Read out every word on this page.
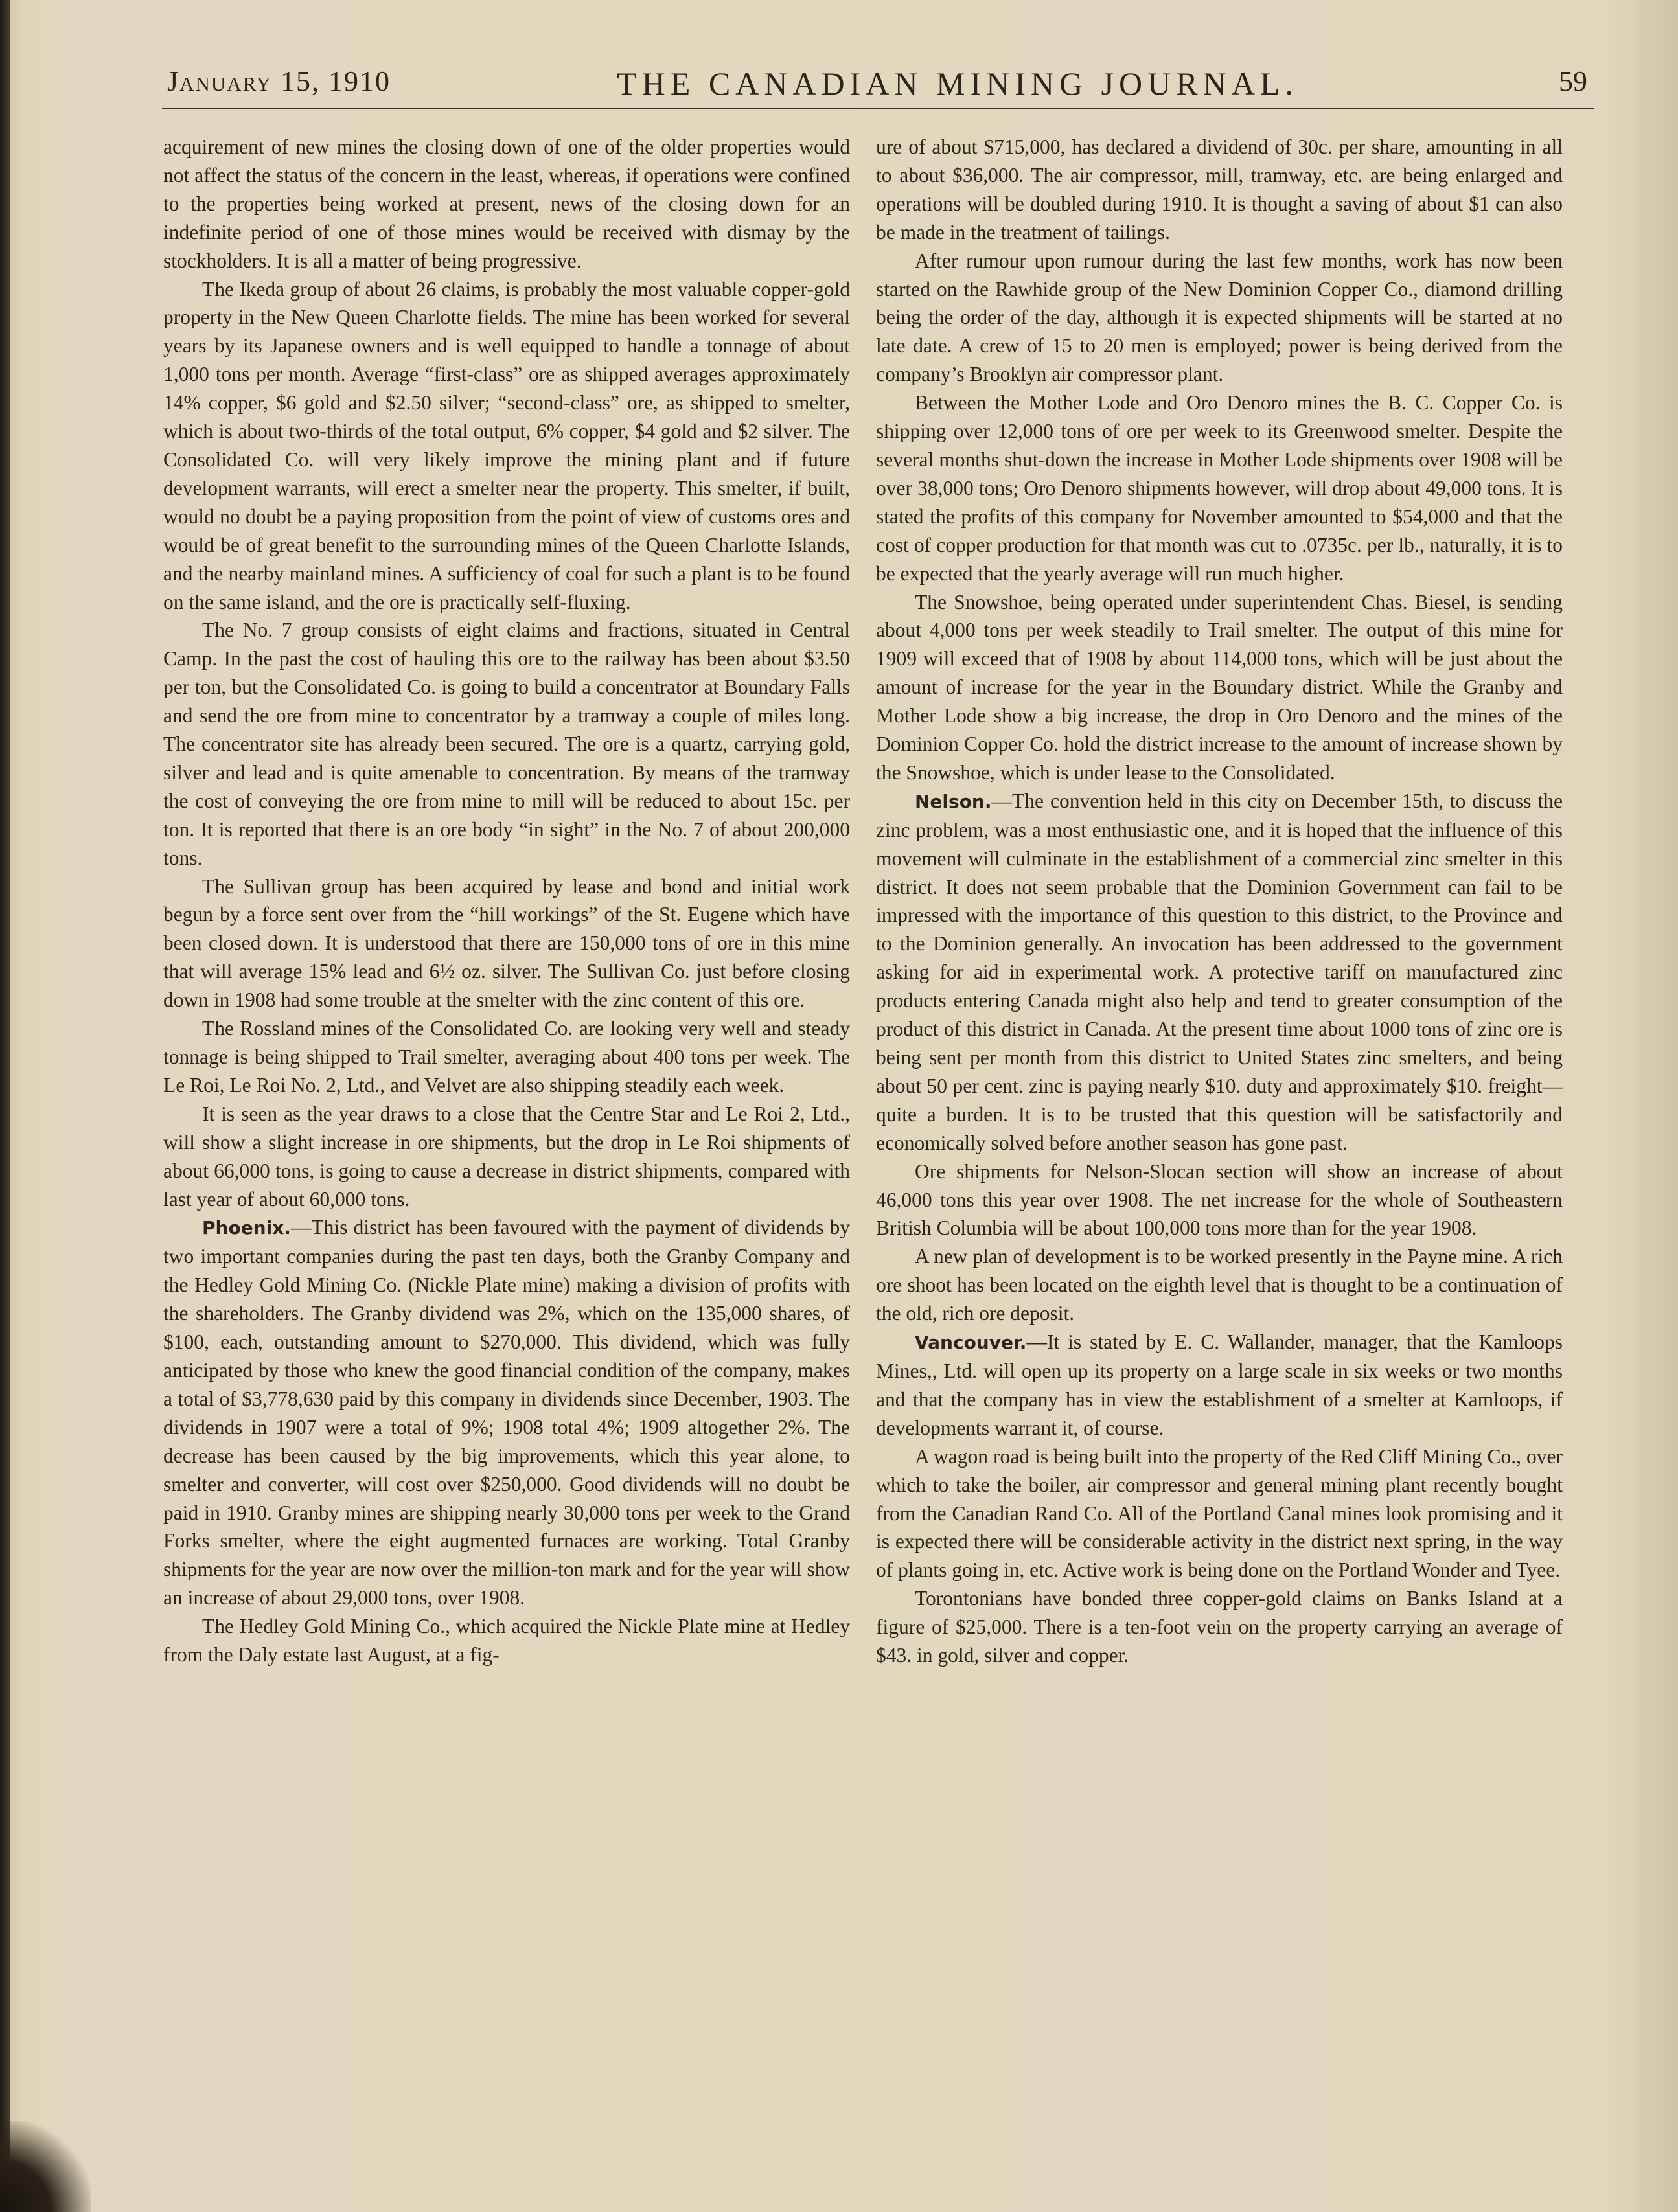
January 15, 1910	THE CANADIAN MINING JOURNAL.	59

acquirement of new mines the closing down of one of the older properties would not affect the status of the concern in the least, whereas, if operations were confined to the properties being worked at present, news of the closing down for an indefinite period of one of those mines would be received with dismay by the stockholders. It is all a matter of being progressive.

The Ikeda group of about 26 claims, is probably the most valuable copper-gold property in the New Queen Charlotte fields. The mine has been worked for several years by its Japanese owners and is well equipped to handle a tonnage of about 1,000 tons per month. Average “first-class” ore as shipped averages approximately 14% copper, $6 gold and $2.50 silver; “second-class” ore, as shipped to smelter, which is about two-thirds of the total output, 6% copper, $4 gold and $2 silver. The Consolidated Co. will very likely improve the mining plant and if future development warrants, will erect a smelter near the property. This smelter, if built, would no doubt be a paying proposition from the point of view of customs ores and would be of great benefit to the surrounding mines of the Queen Charlotte Islands, and the nearby mainland mines. A sufficiency of coal for such a plant is to be found on the same island, and the ore is practically self-fluxing.

The No. 7 group consists of eight claims and fractions, situated in Central Camp. In the past the cost of hauling this ore to the railway has been about $3.50 per ton, but the Consolidated Co. is going to build a concentrator at Boundary Falls and send the ore from mine to concentrator by a tramway a couple of miles long. The concentrator site has already been secured. The ore is a quartz, carrying gold, silver and lead and is quite amenable to concentration. By means of the tramway the cost of conveying the ore from mine to mill will be reduced to about 15c. per ton. It is reported that there is an ore body “in sight” in the No. 7 of about 200,000 tons.

The Sullivan group has been acquired by lease and bond and initial work begun by a force sent over from the “hill workings” of the St. Eugene which have been closed down. It is understood that there are 150,000 tons of ore in this mine that will average 15% lead and 6½ oz. silver. The Sullivan Co. just before closing down in 1908 had some trouble at the smelter with the zinc content of this ore.

The Rossland mines of the Consolidated Co. are looking very well and steady tonnage is being shipped to Trail smelter, averaging about 400 tons per week. The Le Roi, Le Roi No. 2, Ltd., and Velvet are also shipping steadily each week.

It is seen as the year draws to a close that the Centre Star and Le Roi 2, Ltd., will show a slight increase in ore shipments, but the drop in Le Roi shipments of about 66,000 tons, is going to cause a decrease in district shipments, compared with last year of about 60,000 tons.

Phoenix.—This district has been favoured with the payment of dividends by two important companies during the past ten days, both the Granby Company and the Hedley Gold Mining Co. (Nickle Plate mine) making a division of profits with the shareholders. The Granby dividend was 2%, which on the 135,000 shares, of $100, each, outstanding amount to $270,000. This dividend, which was fully anticipated by those who knew the good financial condition of the company, makes a total of $3,778,630 paid by this company in dividends since December, 1903. The dividends in 1907 were a total of 9%; 1908 total 4%; 1909 altogether 2%. The decrease has been caused by the big improvements, which this year alone, to smelter and converter, will cost over $250,000. Good dividends will no doubt be paid in 1910. Granby mines are shipping nearly 30,000 tons per week to the Grand Forks smelter, where the eight augmented furnaces are working. Total Granby shipments for the year are now over the million-ton mark and for the year will show an increase of about 29,000 tons, over 1908.

The Hedley Gold Mining Co., which acquired the Nickle Plate mine at Hedley from the Daly estate last August, at a fig-

ure of about $715,000, has declared a dividend of 30c. per share, amounting in all to about $36,000. The air compressor, mill, tramway, etc. are being enlarged and operations will be doubled during 1910. It is thought a saving of about $1 can also be made in the treatment of tailings.

After rumour upon rumour during the last few months, work has now been started on the Rawhide group of the New Dominion Copper Co., diamond drilling being the order of the day, although it is expected shipments will be started at no late date. A crew of 15 to 20 men is employed; power is being derived from the company’s Brooklyn air compressor plant.

Between the Mother Lode and Oro Denoro mines the B. C. Copper Co. is shipping over 12,000 tons of ore per week to its Greenwood smelter. Despite the several months shut-down the increase in Mother Lode shipments over 1908 will be over 38,000 tons; Oro Denoro shipments however, will drop about 49,000 tons. It is stated the profits of this company for November amounted to $54,000 and that the cost of copper production for that month was cut to .0735c. per lb., naturally, it is to be expected that the yearly average will run much higher.

The Snowshoe, being operated under superintendent Chas. Biesel, is sending about 4,000 tons per week steadily to Trail smelter. The output of this mine for 1909 will exceed that of 1908 by about 114,000 tons, which will be just about the amount of increase for the year in the Boundary district. While the Granby and Mother Lode show a big increase, the drop in Oro Denoro and the mines of the Dominion Copper Co. hold the district increase to the amount of increase shown by the Snowshoe, which is under lease to the Consolidated.

Nelson.—The convention held in this city on December 15th, to discuss the zinc problem, was a most enthusiastic one, and it is hoped that the influence of this movement will culminate in the establishment of a commercial zinc smelter in this district. It does not seem probable that the Dominion Government can fail to be impressed with the importance of this question to this district, to the Province and to the Dominion generally. An invocation has been addressed to the government asking for aid in experimental work. A protective tariff on manufactured zinc products entering Canada might also help and tend to greater consumption of the product of this district in Canada. At the present time about 1000 tons of zinc ore is being sent per month from this district to United States zinc smelters, and being about 50 per cent. zinc is paying nearly $10. duty and approximately $10. freight—quite a burden. It is to be trusted that this question will be satisfactorily and economically solved before another season has gone past.

Ore shipments for Nelson-Slocan section will show an increase of about 46,000 tons this year over 1908. The net increase for the whole of Southeastern British Columbia will be about 100,000 tons more than for the year 1908.

A new plan of development is to be worked presently in the Payne mine. A rich ore shoot has been located on the eighth level that is thought to be a continuation of the old, rich ore deposit.

Vancouver.—It is stated by E. C. Wallander, manager, that the Kamloops Mines,, Ltd. will open up its property on a large scale in six weeks or two months and that the company has in view the establishment of a smelter at Kamloops, if developments warrant it, of course.

A wagon road is being built into the property of the Red Cliff Mining Co., over which to take the boiler, air compressor and general mining plant recently bought from the Canadian Rand Co. All of the Portland Canal mines look promising and it is expected there will be considerable activity in the district next spring, in the way of plants going in, etc. Active work is being done on the Portland Wonder and Tyee.

Torontonians have bonded three copper-gold claims on Banks Island at a figure of $25,000. There is a ten-foot vein on the property carrying an average of $43. in gold, silver and copper.
